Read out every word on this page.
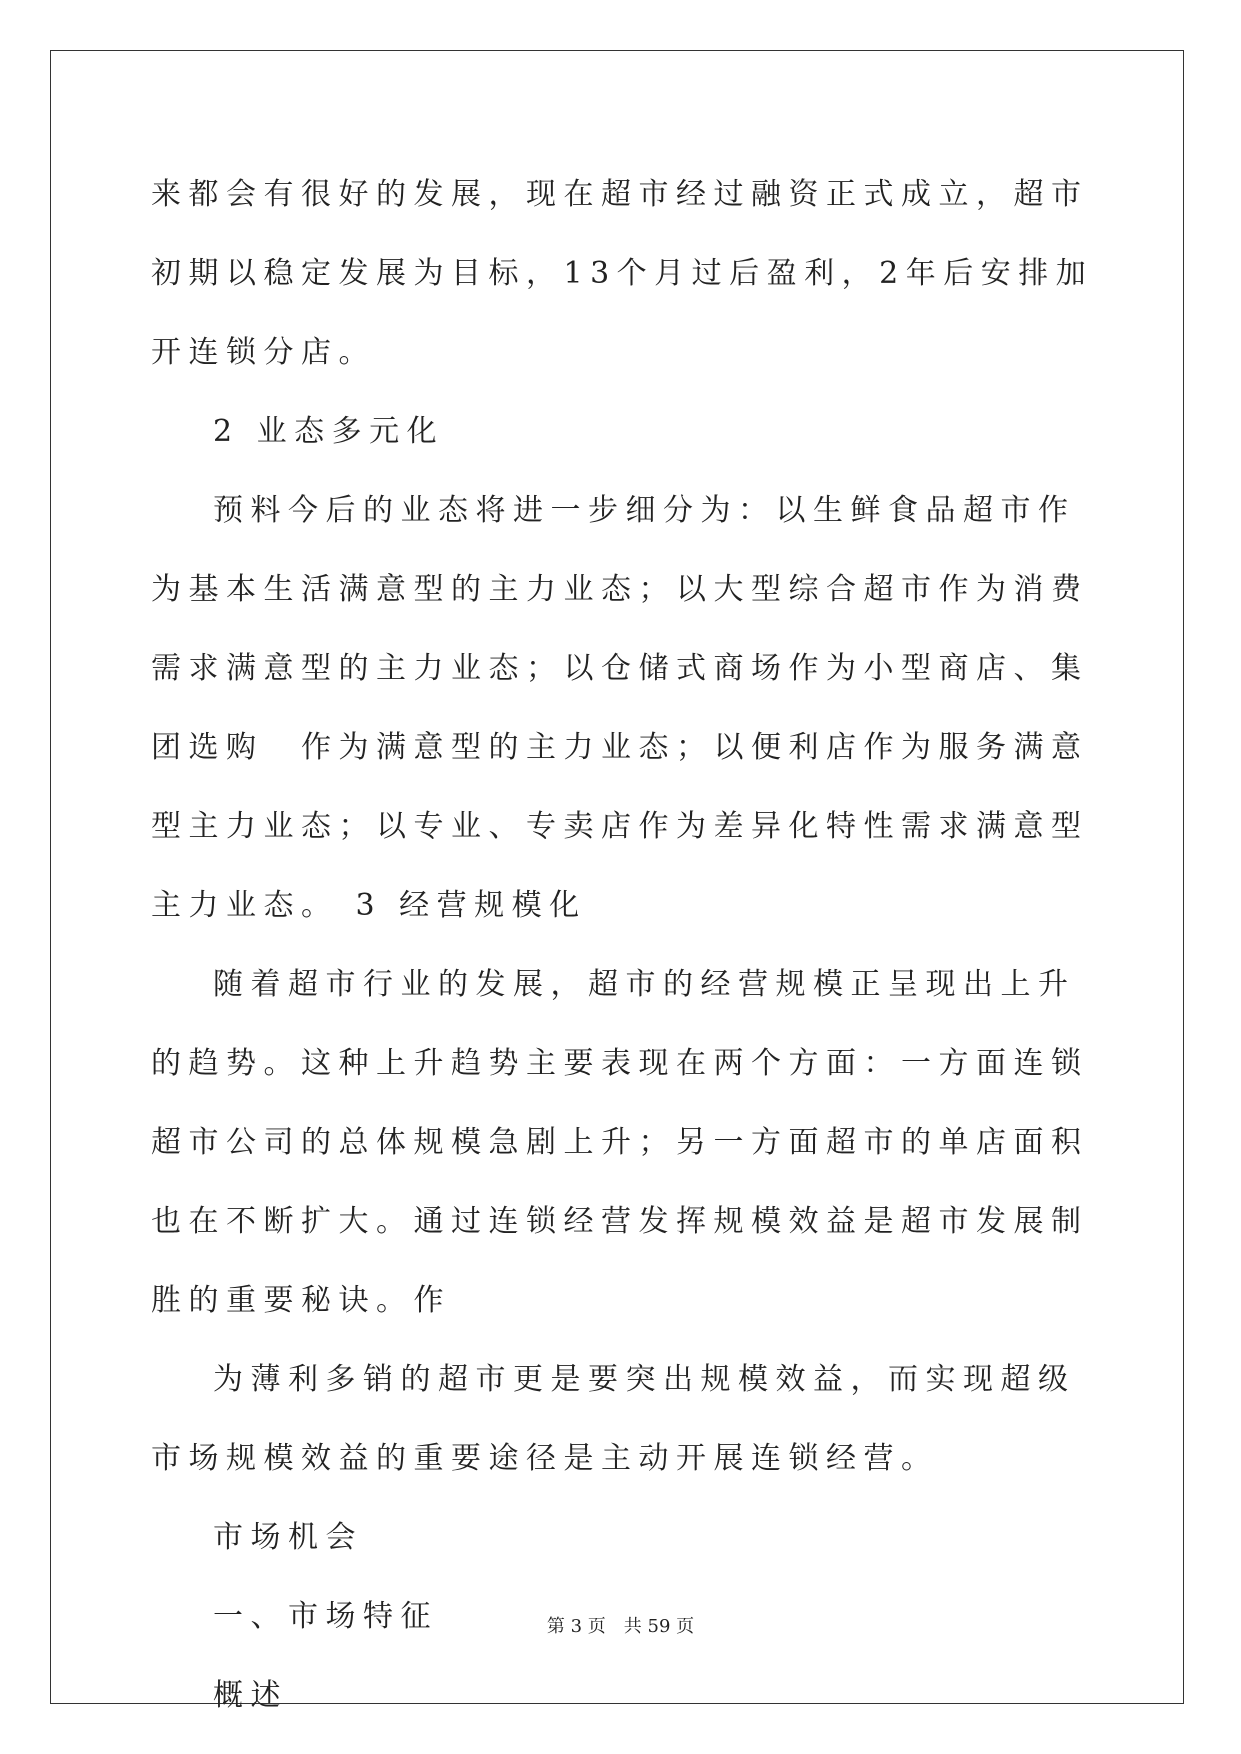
来都会有很好的发展，现在超市经过融资正式成立，超市初期以稳定发展为目标，13个月过后盈利，2年后安排加开连锁分店。

2 业态多元化

预料今后的业态将进一步细分为：以生鲜食品超市作为基本生活满意型的主力业态；以大型综合超市作为消费需求满意型的主力业态；以仓储式商场作为小型商店、集团选购　作为满意型的主力业态；以便利店作为服务满意型主力业态；以专业、专卖店作为差异化特性需求满意型主力业态。 3 经营规模化

随着超市行业的发展，超市的经营规模正呈现出上升的趋势。这种上升趋势主要表现在两个方面：一方面连锁超市公司的总体规模急剧上升；另一方面超市的单店面积也在不断扩大。通过连锁经营发挥规模效益是超市发展制胜的重要秘诀。作

为薄利多销的超市更是要突出规模效益，而实现超级市场规模效益的重要途径是主动开展连锁经营。

市场机会

一、市场特征

概述

第 3 页 共 59 页
